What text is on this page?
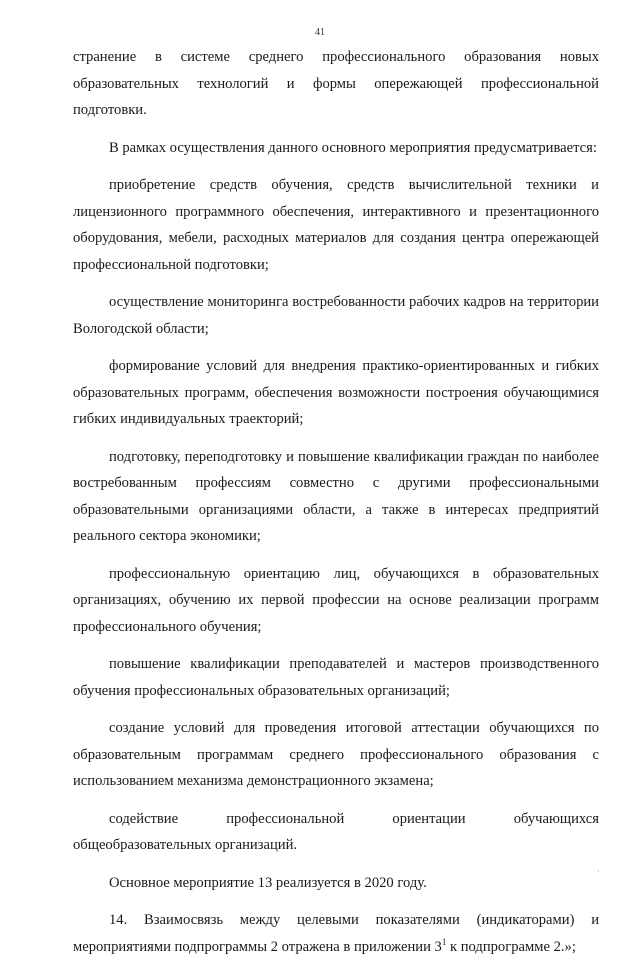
41

странение в системе среднего профессионального образования новых образовательных технологий и формы опережающей профессиональной подготовки.

В рамках осуществления данного основного мероприятия предусматривается:

приобретение средств обучения, средств вычислительной техники и лицензионного программного обеспечения, интерактивного и презентационного оборудования, мебели, расходных материалов для создания центра опережающей профессиональной подготовки;

осуществление мониторинга востребованности рабочих кадров на территории Вологодской области;

формирование условий для внедрения практико-ориентированных и гибких образовательных программ, обеспечения возможности построения обучающимися гибких индивидуальных траекторий;

подготовку, переподготовку и повышение квалификации граждан по наиболее востребованным профессиям совместно с другими профессиональными образовательными организациями области, а также в интересах предприятий реального сектора экономики;

профессиональную ориентацию лиц, обучающихся в образовательных организациях, обучению их первой профессии на основе реализации программ профессионального обучения;

повышение квалификации преподавателей и мастеров производственного обучения профессиональных образовательных организаций;

создание условий для проведения итоговой аттестации обучающихся по образовательным программам среднего профессионального образования с использованием механизма демонстрационного экзамена;

содействие профессиональной ориентации обучающихся

общеобразовательных организаций.

Основное мероприятие 13 реализуется в 2020 году.

14. Взаимосвязь между целевыми показателями (индикаторами) и мероприятиями подпрограммы 2 отражена в приложении $3^1$ к подпрограмме 2.»;

·
